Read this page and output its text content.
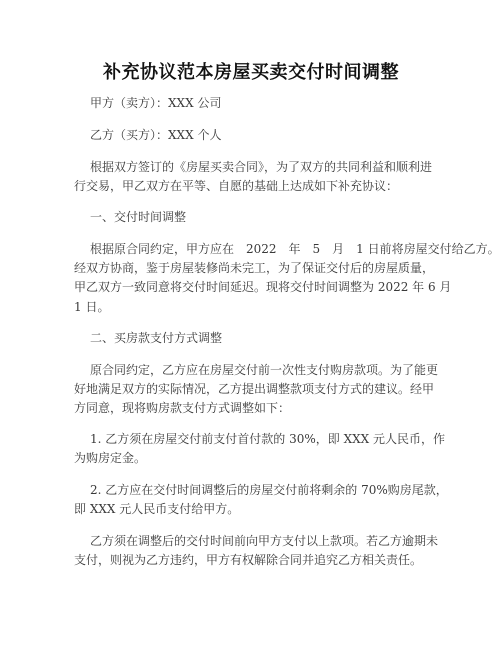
补充协议范本房屋买卖交付时间调整
甲方（卖方）：XXX 公司
乙方（买方）：XXX 个人
根据双方签订的《房屋买卖合同》，为了双方的共同利益和顺利进
行交易，甲乙双方在平等、自愿的基础上达成如下补充协议：
一、交付时间调整
根据原合同约定，甲方应在　2022　年　5　月　1 日前将房屋交付给乙方。
经双方协商，鉴于房屋装修尚未完工，为了保证交付后的房屋质量，
甲乙双方一致同意将交付时间延迟。现将交付时间调整为 2022 年 6 月
1 日。
二、买房款支付方式调整
原合同约定，乙方应在房屋交付前一次性支付购房款项。为了能更
好地满足双方的实际情况，乙方提出调整款项支付方式的建议。经甲
方同意，现将购房款支付方式调整如下：
1. 乙方须在房屋交付前支付首付款的 30%，即 XXX 元人民币，作
为购房定金。
2. 乙方应在交付时间调整后的房屋交付前将剩余的 70%购房尾款，
即 XXX 元人民币支付给甲方。
乙方须在调整后的交付时间前向甲方支付以上款项。若乙方逾期未
支付，则视为乙方违约，甲方有权解除合同并追究乙方相关责任。
